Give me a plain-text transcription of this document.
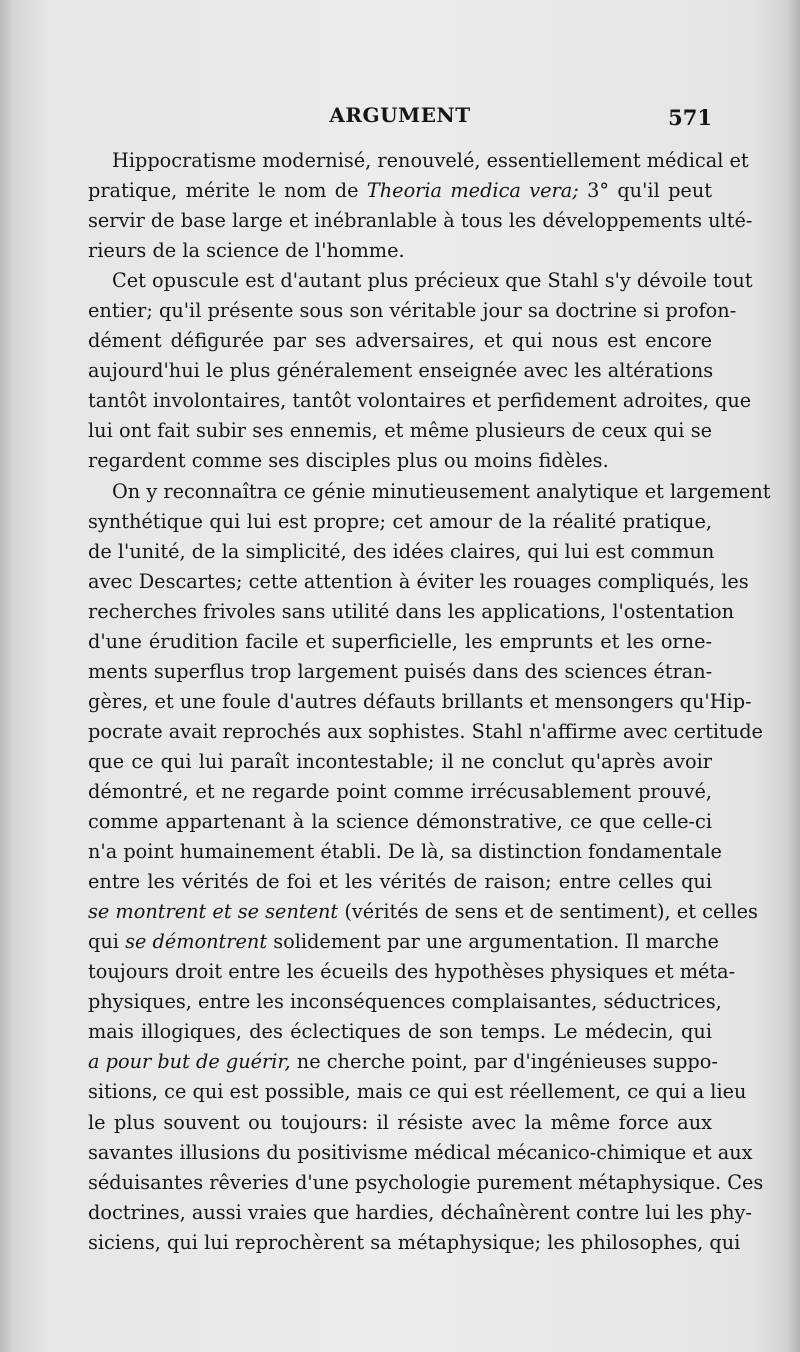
ARGUMENT	571
Hippocratisme modernisé, renouvelé, essentiellement médical et
pratique, mérite le nom de Theoria medica vera; 3° qu'il peut
servir de base large et inébranlable à tous les développements ulté-
rieurs de la science de l'homme.
Cet opuscule est d'autant plus précieux que Stahl s'y dévoile tout
entier; qu'il présente sous son véritable jour sa doctrine si profon-
dément défigurée par ses adversaires, et qui nous est encore
aujourd'hui le plus généralement enseignée avec les altérations
tantôt involontaires, tantôt volontaires et perfidement adroites, que
lui ont fait subir ses ennemis, et même plusieurs de ceux qui se
regardent comme ses disciples plus ou moins fidèles.
On y reconnaîtra ce génie minutieusement analytique et largement
synthétique qui lui est propre; cet amour de la réalité pratique,
de l'unité, de la simplicité, des idées claires, qui lui est commun
avec Descartes; cette attention à éviter les rouages compliqués, les
recherches frivoles sans utilité dans les applications, l'ostentation
d'une érudition facile et superficielle, les emprunts et les orne-
ments superflus trop largement puisés dans des sciences étran-
gères, et une foule d'autres défauts brillants et mensongers qu'Hip-
pocrate avait reprochés aux sophistes. Stahl n'affirme avec certitude
que ce qui lui paraît incontestable; il ne conclut qu'après avoir
démontré, et ne regarde point comme irrécusablement prouvé,
comme appartenant à la science démonstrative, ce que celle-ci
n'a point humainement établi. De là, sa distinction fondamentale
entre les vérités de foi et les vérités de raison; entre celles qui
se montrent et se sentent (vérités de sens et de sentiment), et celles
qui se démontrent solidement par une argumentation. Il marche
toujours droit entre les écueils des hypothèses physiques et méta-
physiques, entre les inconséquences complaisantes, séductrices,
mais illogiques, des éclectiques de son temps. Le médecin, qui
a pour but de guérir, ne cherche point, par d'ingénieuses suppo-
sitions, ce qui est possible, mais ce qui est réellement, ce qui a lieu
le plus souvent ou toujours: il résiste avec la même force aux
savantes illusions du positivisme médical mécanico-chimique et aux
séduisantes rêveries d'une psychologie purement métaphysique. Ces
doctrines, aussi vraies que hardies, déchaînèrent contre lui les phy-
siciens, qui lui reprochèrent sa métaphysique; les philosophes, qui
